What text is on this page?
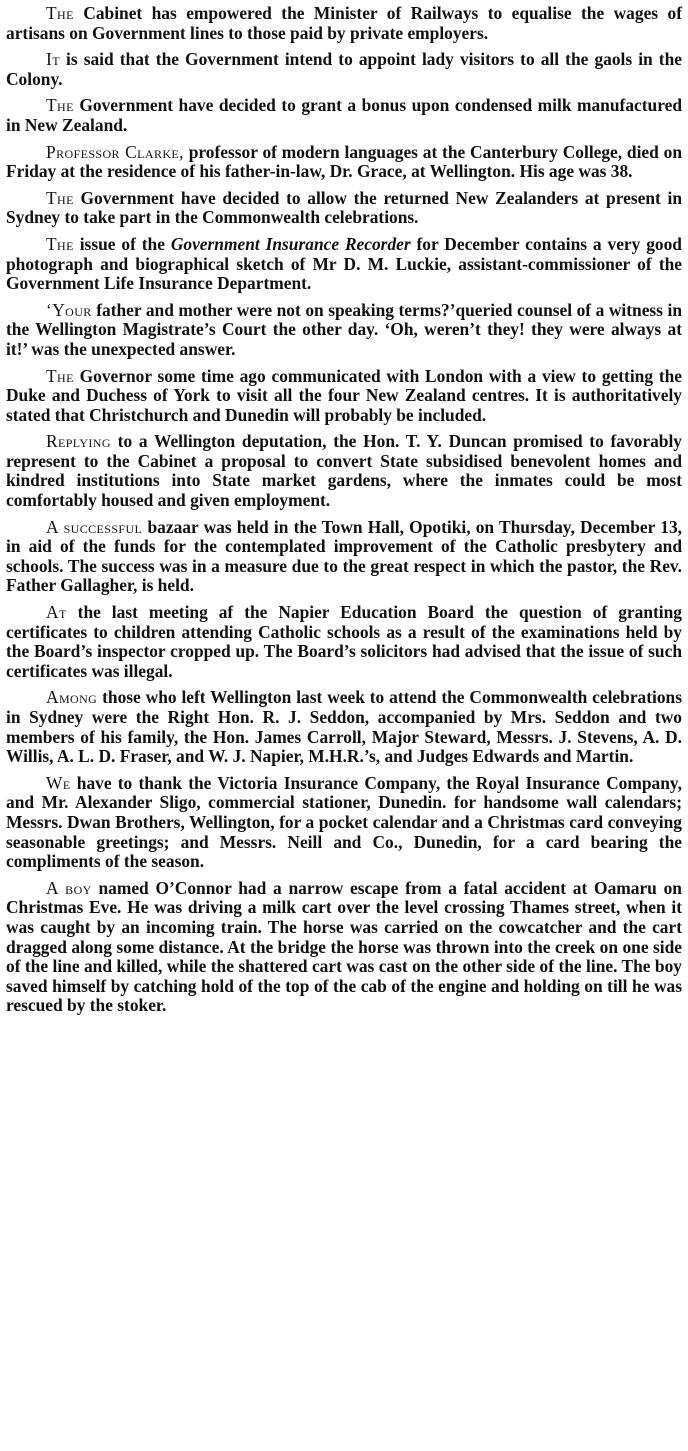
The Cabinet has empowered the Minister of Railways to equalise the wages of artisans on Government lines to those paid by private employers.

It is said that the Government intend to appoint lady visitors to all the gaols in the Colony.

The Government have decided to grant a bonus upon condensed milk manufactured in New Zealand.

Professor Clarke, professor of modern languages at the Canterbury College, died on Friday at the residence of his father-in-law, Dr. Grace, at Wellington. His age was 38.

The Government have decided to allow the returned New Zealanders at present in Sydney to take part in the Commonwealth celebrations.

The issue of the Government Insurance Recorder for December contains a very good photograph and biographical sketch of Mr D. M. Luckie, assistant-commissioner of the Government Life Insurance Department.

‘Your father and mother were not on speaking terms?’queried counsel of a witness in the Wellington Magistrate’s Court the other day. ‘Oh, weren’t they! they were always at it!’ was the unexpected answer.

The Governor some time ago communicated with London with a view to getting the Duke and Duchess of York to visit all the four New Zealand centres. It is authoritatively stated that Christchurch and Dunedin will probably be included.

Replying to a Wellington deputation, the Hon. T. Y. Duncan promised to favorably represent to the Cabinet a proposal to convert State subsidised benevolent homes and kindred institutions into State market gardens, where the inmates could be most comfortably housed and given employment.

A successful bazaar was held in the Town Hall, Opotiki, on Thursday, December 13, in aid of the funds for the contemplated improvement of the Catholic presbytery and schools. The success was in a measure due to the great respect in which the pastor, the Rev. Father Gallagher, is held.

At the last meeting af the Napier Education Board the question of granting certificates to children attending Catholic schools as a result of the examinations held by the Board’s inspector cropped up. The Board’s solicitors had advised that the issue of such certificates was illegal.

Among those who left Wellington last week to attend the Commonwealth celebrations in Sydney were the Right Hon. R. J. Seddon, accompanied by Mrs. Seddon and two members of his family, the Hon. James Carroll, Major Steward, Messrs. J. Stevens, A. D. Willis, A. L. D. Fraser, and W. J. Napier, M.H.R.’s, and Judges Edwards and Martin.

We have to thank the Victoria Insurance Company, the Royal Insurance Company, and Mr. Alexander Sligo, commercial stationer, Dunedin. for handsome wall calendars; Messrs. Dwan Brothers, Wellington, for a pocket calendar and a Christmas card conveying seasonable greetings; and Messrs. Neill and Co., Dunedin, for a card bearing the compliments of the season.

A boy named O’Connor had a narrow escape from a fatal accident at Oamaru on Christmas Eve. He was driving a milk cart over the level crossing Thames street, when it was caught by an incoming train. The horse was carried on the cowcatcher and the cart dragged along some distance. At the bridge the horse was thrown into the creek on one side of the line and killed, while the shattered cart was cast on the other side of the line. The boy saved himself by catching hold of the top of the cab of the engine and holding on till he was rescued by the stoker.
